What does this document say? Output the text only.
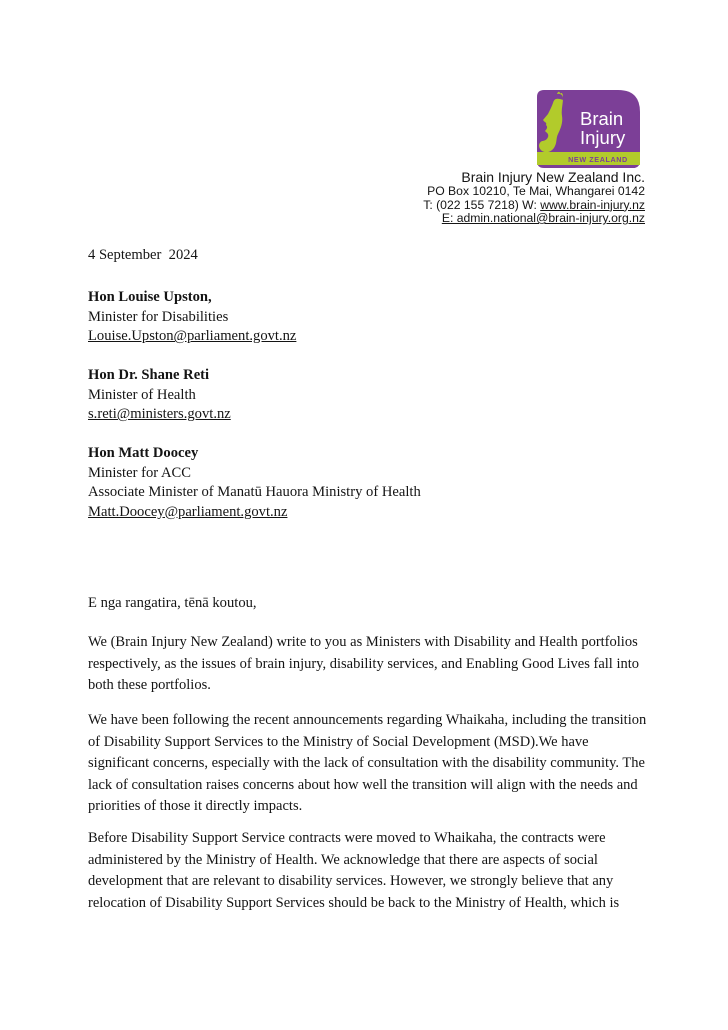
Brain
Injury
NEW ZEALAND
Brain Injury New Zealand Inc.
PO Box 10210, Te Mai, Whangarei 0142
T: (022 155 7218) W: www.brain-injury.nz
E: admin.national@brain-injury.org.nz
4 September  2024
Hon Louise Upston,
Minister for Disabilities
Louise.Upston@parliament.govt.nz
Hon Dr. Shane Reti
Minister of Health
s.reti@ministers.govt.nz
Hon Matt Doocey
Minister for ACC
Associate Minister of Manatū Hauora Ministry of Health
Matt.Doocey@parliament.govt.nz
E nga rangatira, tēnā koutou,
We (Brain Injury New Zealand) write to you as Ministers with Disability and Health portfolios respectively, as the issues of brain injury, disability services, and Enabling Good Lives fall into both these portfolios.
We have been following the recent announcements regarding Whaikaha, including the transition of Disability Support Services to the Ministry of Social Development (MSD).We have significant concerns, especially with the lack of consultation with the disability community. The lack of consultation raises concerns about how well the transition will align with the needs and priorities of those it directly impacts.
Before Disability Support Service contracts were moved to Whaikaha, the contracts were administered by the Ministry of Health. We acknowledge that there are aspects of social development that are relevant to disability services. However, we strongly believe that any relocation of Disability Support Services should be back to the Ministry of Health, which is
